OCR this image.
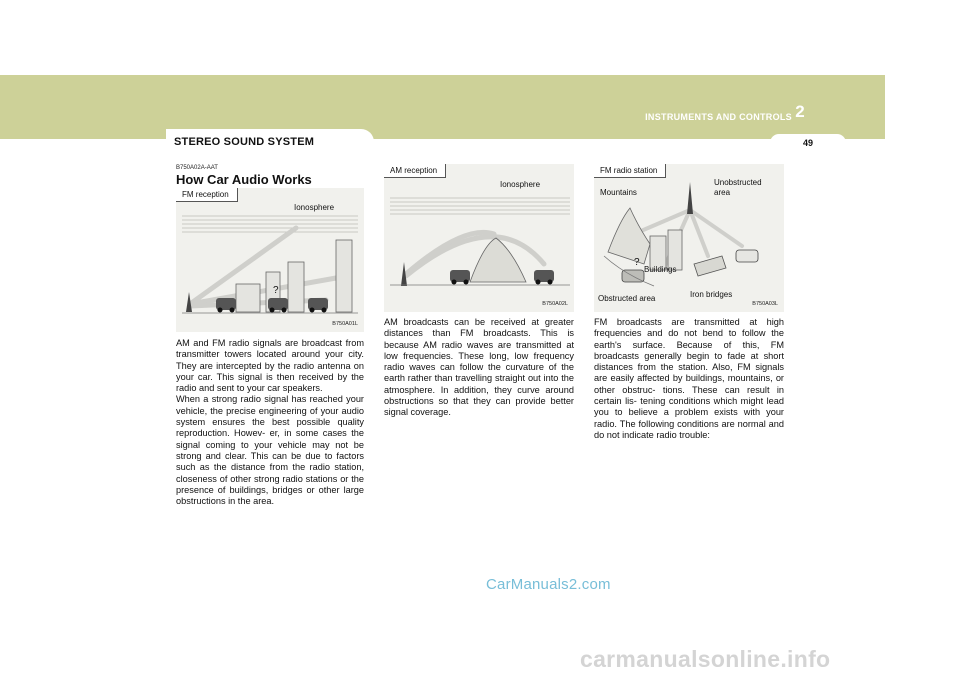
2
INSTRUMENTS AND CONTROLS
49
STEREO SOUND SYSTEM
B750A02A-AAT
How Car Audio Works
FM reception
Ionosphere
?
B750A01L
AM reception
Ionosphere
B750A02L
FM radio station
Mountains
Unobstructed area
?
Buildings
Iron bridges
Obstructed area
B750A03L

AM and FM radio signals are broadcast from transmitter towers located around your city. They are intercepted by the radio antenna on your car. This signal is then received by the radio and sent to your car speakers.

When a strong radio signal has reached your vehicle, the precise engineering of your audio system ensures the best possible quality reproduction. Howev- er, in some cases the signal coming to your vehicle may not be strong and clear. This can be due to factors such as the distance from the radio station, closeness of other strong radio stations or the presence of buildings, bridges or other large obstructions in the area.

AM broadcasts can be received at greater distances than FM broadcasts. This is because AM radio waves are transmitted at low frequencies. These long, low frequency radio waves can follow the curvature of the earth rather than travelling straight out into the atmosphere. In addition, they curve around obstructions so that they can provide better signal coverage.

FM broadcasts are transmitted at high frequencies and do not bend to follow the earth's surface. Because of this, FM broadcasts generally begin to fade at short distances from the station. Also, FM signals are easily affected by buildings, mountains, or other obstruc- tions. These can result in certain lis- tening conditions which might lead you to believe a problem exists with your radio. The following conditions are normal and do not indicate radio trouble:

CarManuals2.com
carmanualsonline.info
